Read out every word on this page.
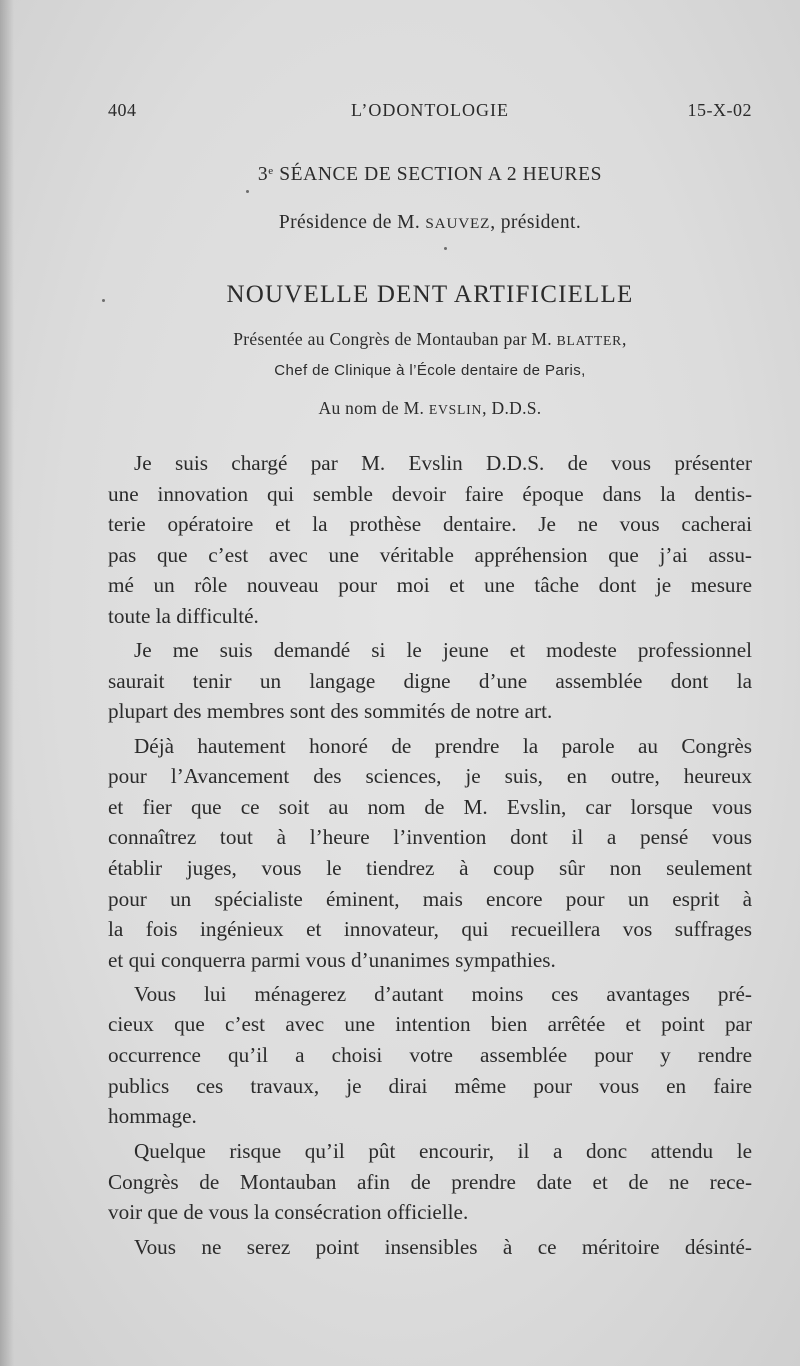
404	L’ODONTOLOGIE	15-X-02
3e SÉANCE DE SECTION A 2 HEURES
Présidence de M. SAUVEZ, président.
NOUVELLE DENT ARTIFICIELLE
Présentée au Congrès de Montauban par M. BLATTER,
Chef de Clinique à l’École dentaire de Paris,
Au nom de M. EVSLIN, D.D.S.
Je suis chargé par M. Evslin D.D.S. de vous présenter
une innovation qui semble devoir faire époque dans la dentis-
terie opératoire et la prothèse dentaire. Je ne vous cacherai
pas que c’est avec une véritable appréhension que j’ai assu-
mé un rôle nouveau pour moi et une tâche dont je mesure
toute la difficulté.
Je me suis demandé si le jeune et modeste professionnel
saurait tenir un langage digne d’une assemblée dont la
plupart des membres sont des sommités de notre art.
Déjà hautement honoré de prendre la parole au Congrès
pour l’Avancement des sciences, je suis, en outre, heureux
et fier que ce soit au nom de M. Evslin, car lorsque vous
connaîtrez tout à l’heure l’invention dont il a pensé vous
établir juges, vous le tiendrez à coup sûr non seulement
pour un spécialiste éminent, mais encore pour un esprit à
la fois ingénieux et innovateur, qui recueillera vos suffrages
et qui conquerra parmi vous d’unanimes sympathies.
Vous lui ménagerez d’autant moins ces avantages pré-
cieux que c’est avec une intention bien arrêtée et point par
occurrence qu’il a choisi votre assemblée pour y rendre
publics ces travaux, je dirai même pour vous en faire
hommage.
Quelque risque qu’il pût encourir, il a donc attendu le
Congrès de Montauban afin de prendre date et de ne rece-
voir que de vous la consécration officielle.
Vous ne serez point insensibles à ce méritoire désinté-
